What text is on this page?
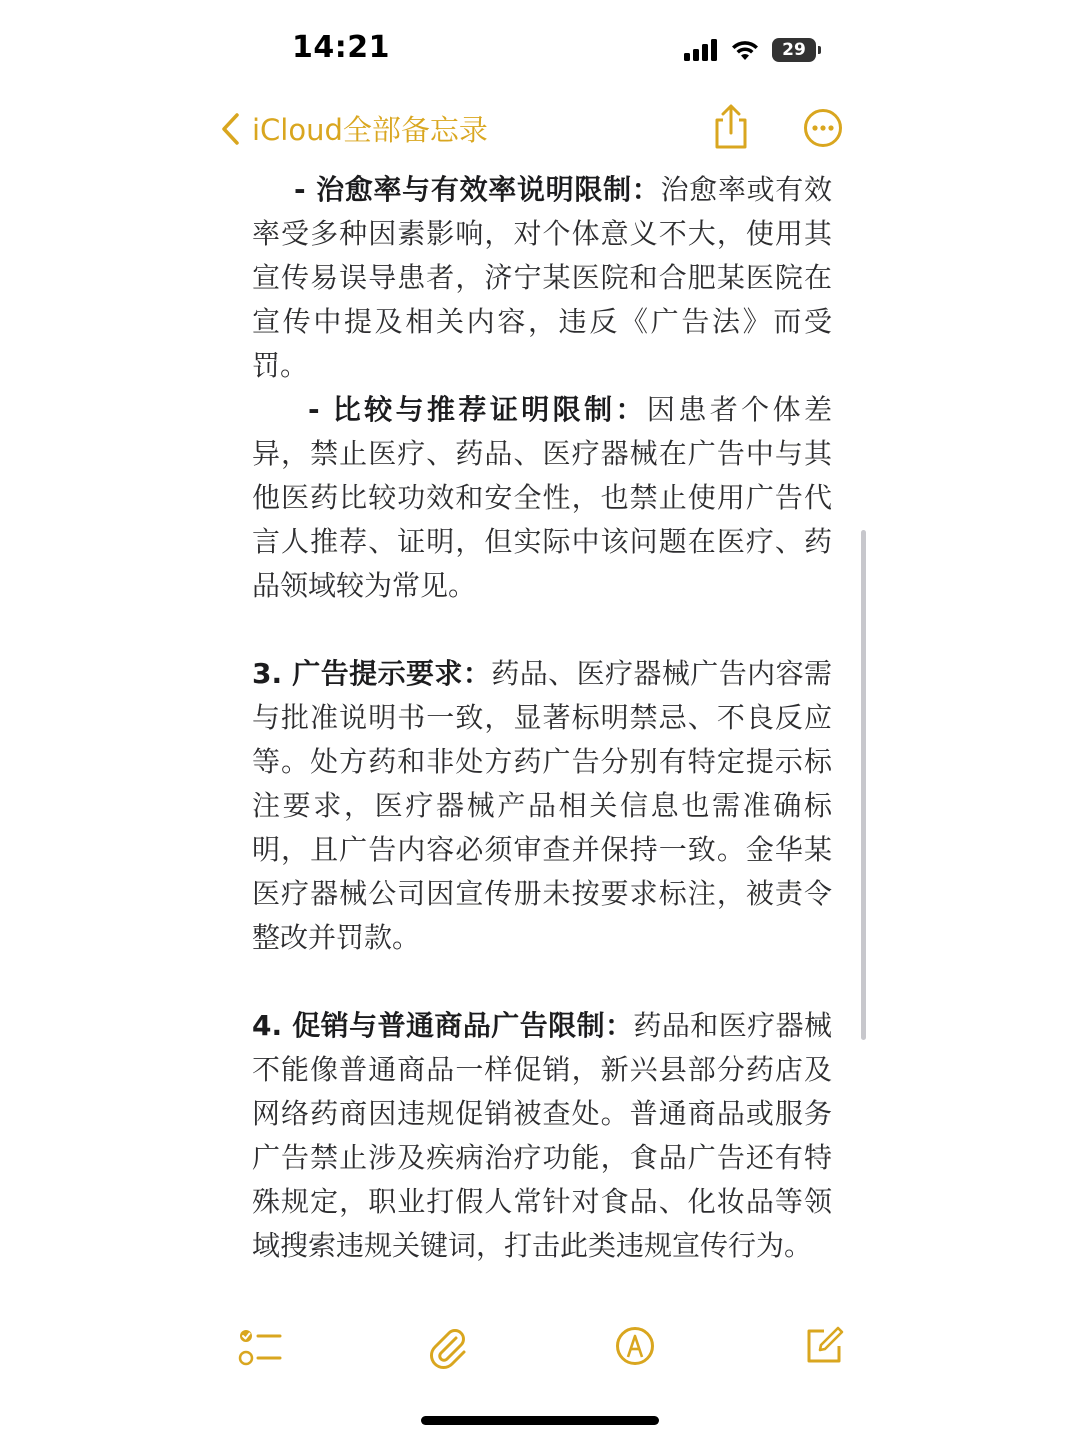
14:21	29
iCloud全部备忘录

- 治愈率与有效率说明限制：治愈率或有效率受多种因素影响，对个体意义不大，使用其宣传易误导患者，济宁某医院和合肥某医院在宣传中提及相关内容，违反《广告法》而受罚。

- 比较与推荐证明限制：因患者个体差异，禁止医疗、药品、医疗器械在广告中与其他医药比较功效和安全性，也禁止使用广告代言人推荐、证明，但实际中该问题在医疗、药品领域较为常见。

3. 广告提示要求：药品、医疗器械广告内容需与批准说明书一致，显著标明禁忌、不良反应等。处方药和非处方药广告分别有特定提示标注要求，医疗器械产品相关信息也需准确标明，且广告内容必须审查并保持一致。金华某医疗器械公司因宣传册未按要求标注，被责令整改并罚款。

4. 促销与普通商品广告限制：药品和医疗器械不能像普通商品一样促销，新兴县部分药店及网络药商因违规促销被查处。普通商品或服务广告禁止涉及疾病治疗功能，食品广告还有特殊规定，职业打假人常针对食品、化妆品等领域搜索违规关键词，打击此类违规宣传行为。
